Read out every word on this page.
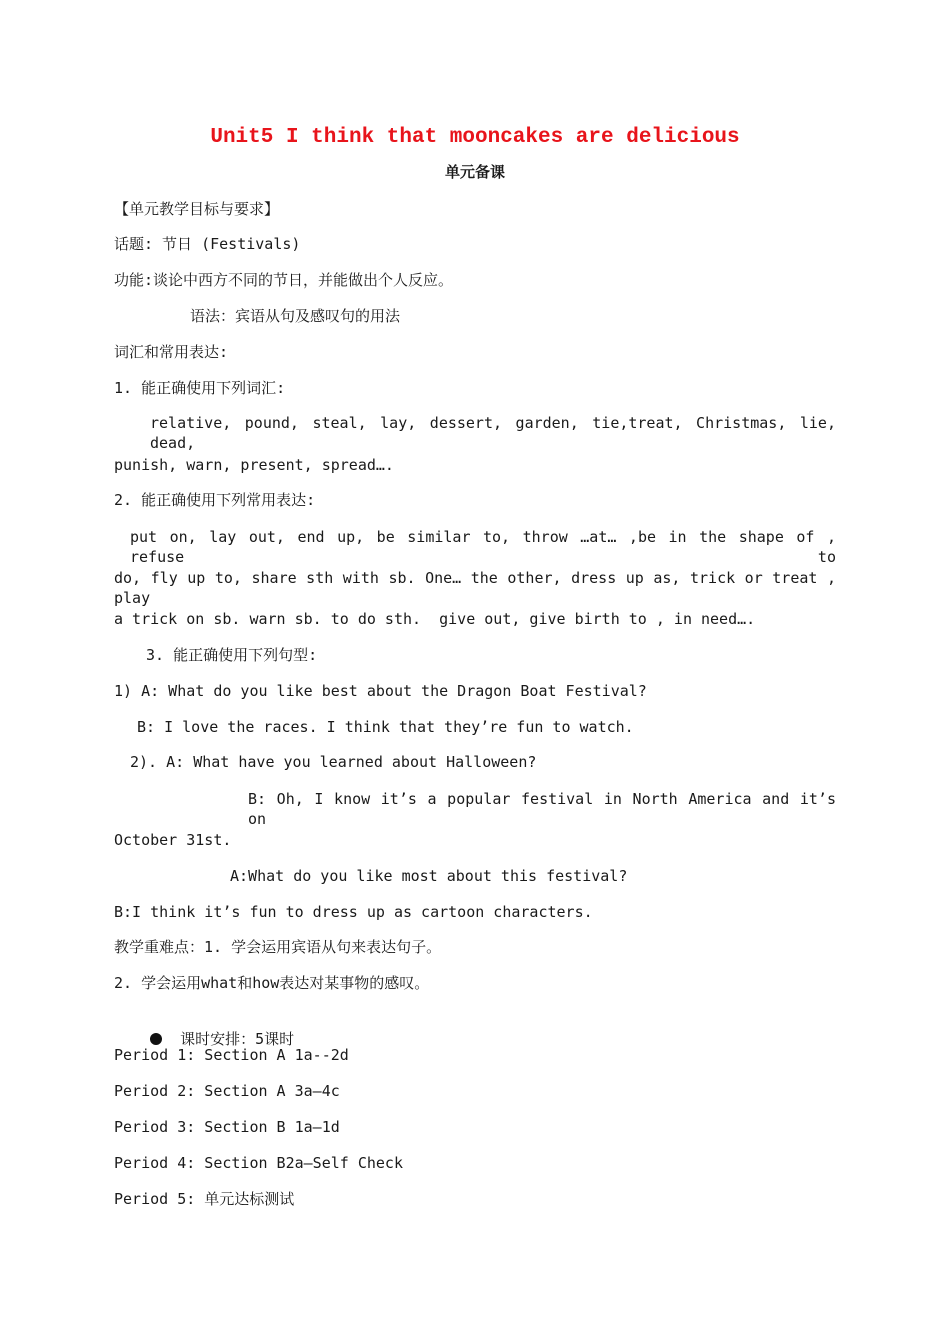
Unit5 I think that mooncakes are delicious
单元备课
【单元教学目标与要求】
话题: 节日 (Festivals)
功能:谈论中西方不同的节日，并能做出个人反应。
语法：宾语从句及感叹句的用法
词汇和常用表达:
1. 能正确使用下列词汇:
relative, pound, steal, lay, dessert, garden, tie,treat, Christmas, lie, dead,
punish, warn, present, spread….
2. 能正确使用下列常用表达:
put on, lay out, end up, be similar to, throw …at… ,be in the shape of , refuse to
do, fly up to, share sth with sb. One… the other, dress up as, trick or treat , play
a trick on sb. warn sb. to do sth.  give out, give birth to , in need….
3. 能正确使用下列句型:
1) A: What do you like best about the Dragon Boat Festival?
B: I love the races. I think that they’re fun to watch.
2). A: What have you learned about Halloween?
B: Oh, I know it’s a popular festival in North America and it’s on
October 31st.
A:What do you like most about this festival?
B:I think it’s fun to dress up as cartoon characters.
教学重难点：1. 学会运用宾语从句来表达句子。
2. 学会运用what和how表达对某事物的感叹。

课时安排：5课时

Period 1: Section A 1a--2d
Period 2: Section A 3a—4c
Period 3: Section B 1a—1d
Period 4: Section B2a—Self Check
Period 5: 单元达标测试
